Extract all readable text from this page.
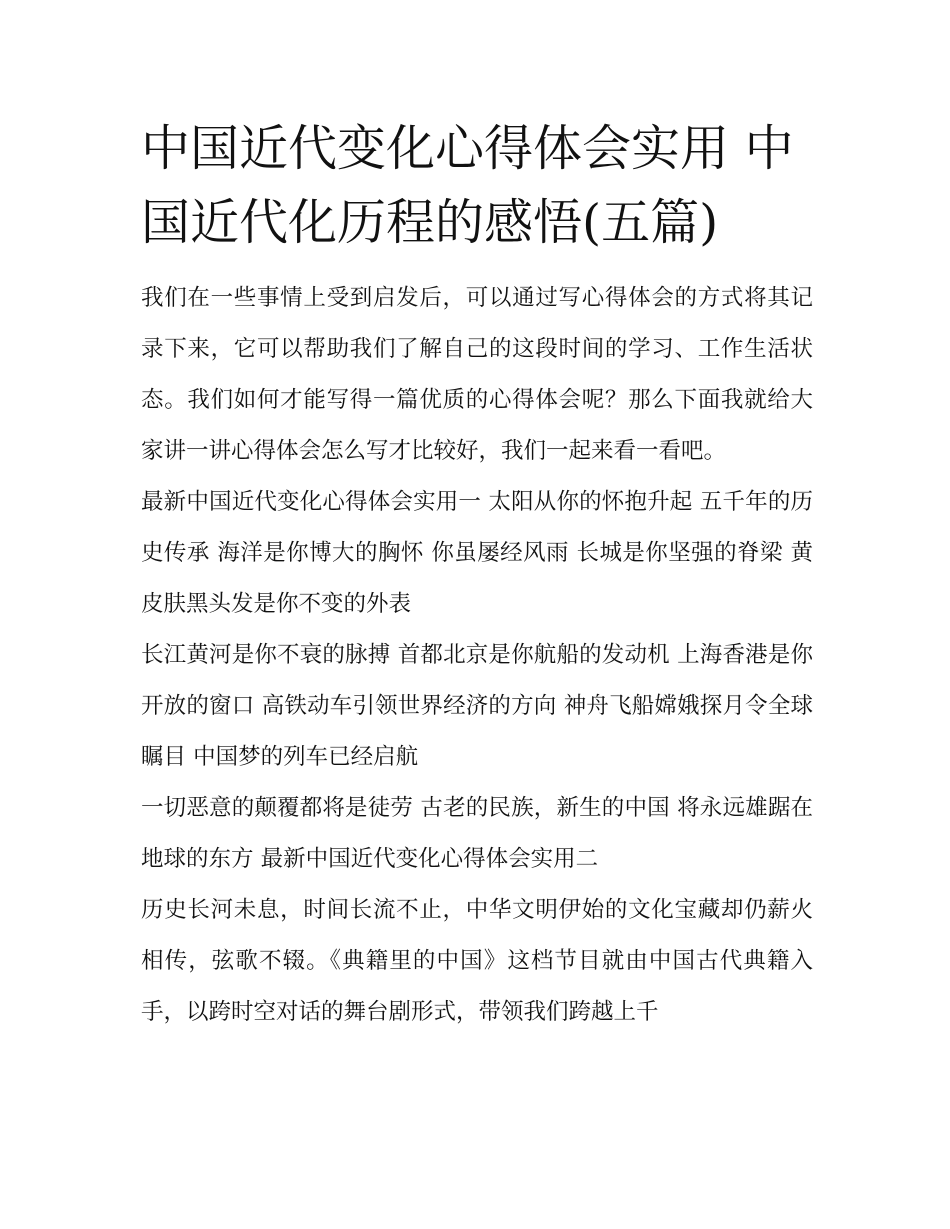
中国近代变化心得体会实用 中国近代化历程的感悟(五篇)

我们在一些事情上受到启发后，可以通过写心得体会的方式将其记录下来，它可以帮助我们了解自己的这段时间的学习、工作生活状态。我们如何才能写得一篇优质的心得体会呢？那么下面我就给大家讲一讲心得体会怎么写才比较好，我们一起来看一看吧。

最新中国近代变化心得体会实用一 太阳从你的怀抱升起 五千年的历史传承 海洋是你博大的胸怀 你虽屡经风雨 长城是你坚强的脊梁 黄皮肤黑头发是你不变的外表

长江黄河是你不衰的脉搏 首都北京是你航船的发动机 上海香港是你开放的窗口 高铁动车引领世界经济的方向 神舟飞船嫦娥探月令全球瞩目 中国梦的列车已经启航

一切恶意的颠覆都将是徒劳 古老的民族，新生的中国 将永远雄踞在地球的东方 最新中国近代变化心得体会实用二

历史长河未息，时间长流不止，中华文明伊始的文化宝藏却仍薪火相传，弦歌不辍。《典籍里的中国》这档节目就由中国古代典籍入手，以跨时空对话的舞台剧形式，带领我们跨越上千
